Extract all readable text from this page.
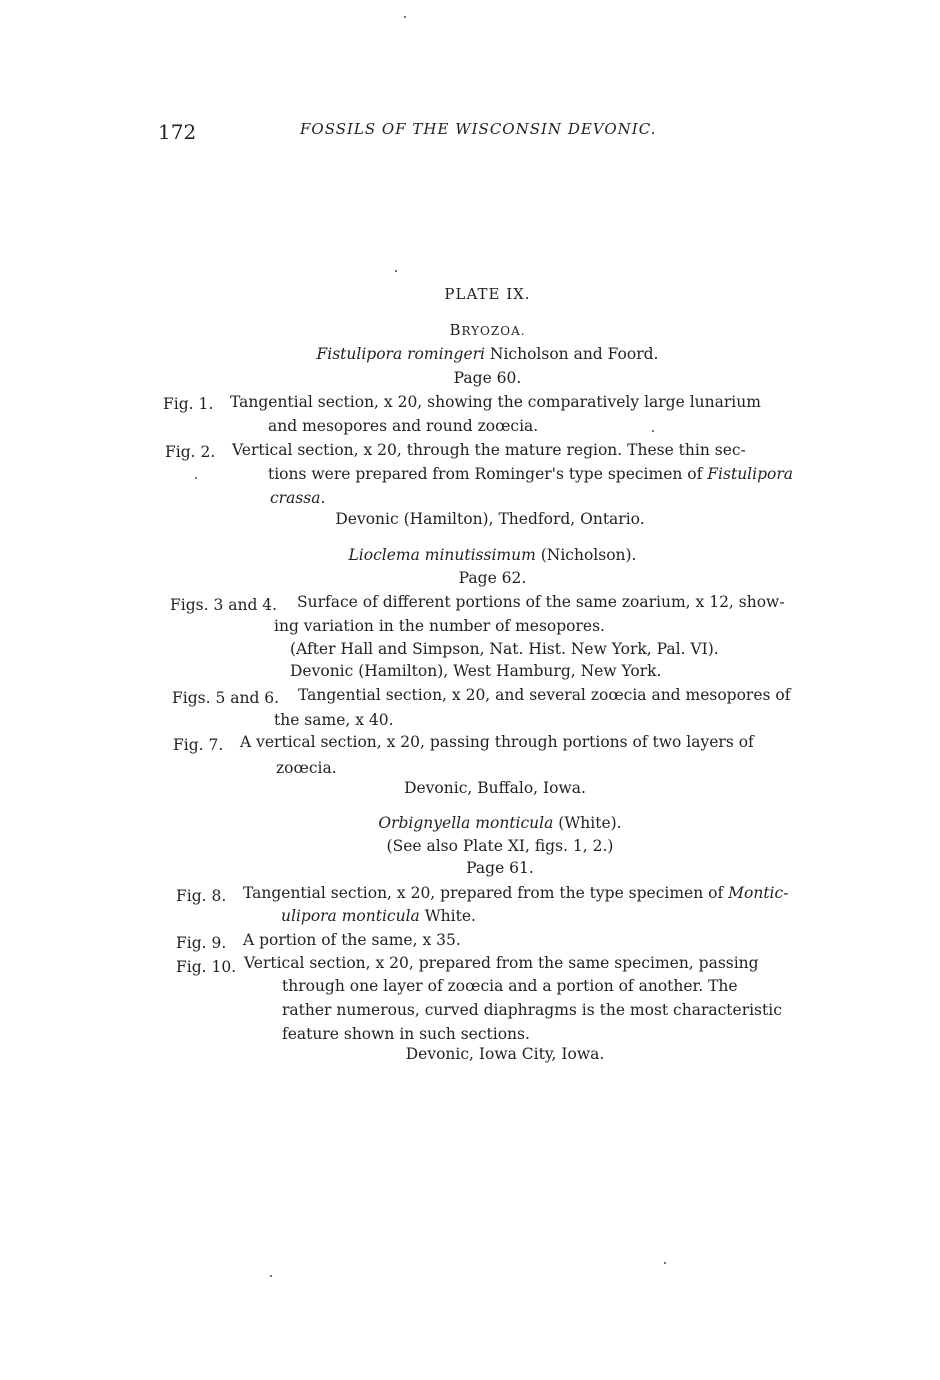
172	FOSSILS OF THE WISCONSIN DEVONIC.
PLATE IX.
BRYOZOA.
Fistulipora romingeri Nicholson and Foord.
Page 60.
Fig. 1. Tangential section, x 20, showing the comparatively large lunarium
and mesopores and round zoœcia.
Fig. 2. Vertical section, x 20, through the mature region. These thin sec-
tions were prepared from Rominger's type specimen of Fistulipora
crassa.
Devonic (Hamilton), Thedford, Ontario.
Lioclema minutissimum (Nicholson).
Page 62.
Figs. 3 and 4. Surface of different portions of the same zoarium, x 12, show-
ing variation in the number of mesopores.
(After Hall and Simpson, Nat. Hist. New York, Pal. VI).
Devonic (Hamilton), West Hamburg, New York.
Figs. 5 and 6. Tangential section, x 20, and several zoœcia and mesopores of
the same, x 40.
Fig. 7. A vertical section, x 20, passing through portions of two layers of
zoœcia.
Devonic, Buffalo, Iowa.
Orbignyella monticula (White).
(See also Plate XI, figs. 1, 2.)
Page 61.
Fig. 8. Tangential section, x 20, prepared from the type specimen of Montic-
ulipora monticula White.
Fig. 9. A portion of the same, x 35.
Fig. 10. Vertical section, x 20, prepared from the same specimen, passing
through one layer of zoœcia and a portion of another. The
rather numerous, curved diaphragms is the most characteristic
feature shown in such sections.
Devonic, Iowa City, Iowa.
